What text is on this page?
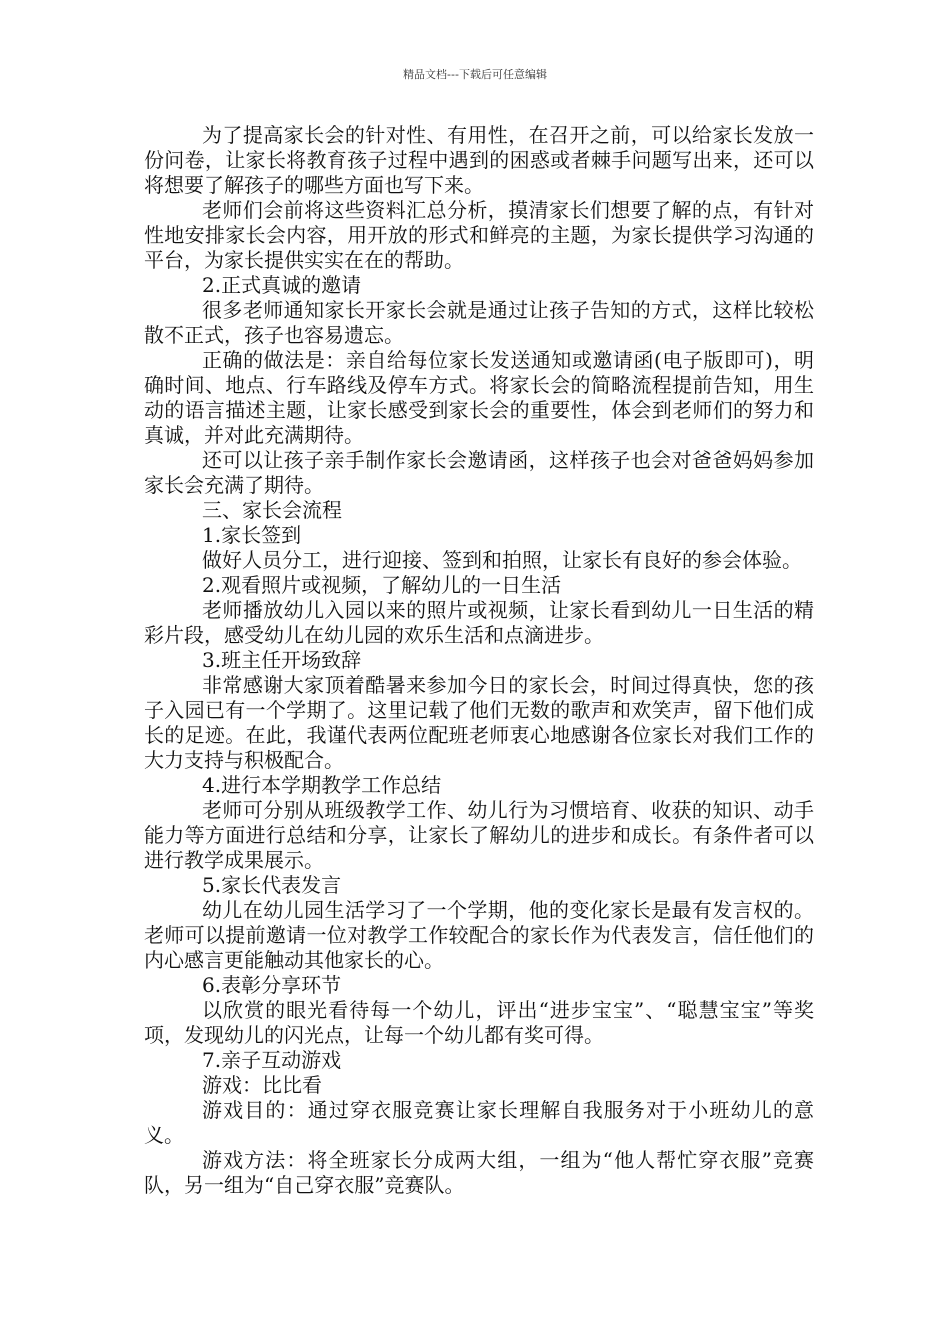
精品文档---下载后可任意编辑

为了提高家长会的针对性、有用性，在召开之前，可以给家长发放一份问卷，让家长将教育孩子过程中遇到的困惑或者棘手问题写出来，还可以将想要了解孩子的哪些方面也写下来。

老师们会前将这些资料汇总分析，摸清家长们想要了解的点，有针对性地安排家长会内容，用开放的形式和鲜亮的主题，为家长提供学习沟通的平台，为家长提供实实在在的帮助。

2.正式真诚的邀请

很多老师通知家长开家长会就是通过让孩子告知的方式，这样比较松散不正式，孩子也容易遗忘。

正确的做法是：亲自给每位家长发送通知或邀请函(电子版即可)，明确时间、地点、行车路线及停车方式。将家长会的简略流程提前告知，用生动的语言描述主题，让家长感受到家长会的重要性，体会到老师们的努力和真诚，并对此充满期待。

还可以让孩子亲手制作家长会邀请函，这样孩子也会对爸爸妈妈参加家长会充满了期待。

三、家长会流程

1.家长签到

做好人员分工，进行迎接、签到和拍照，让家长有良好的参会体验。

2.观看照片或视频，了解幼儿的一日生活

老师播放幼儿入园以来的照片或视频，让家长看到幼儿一日生活的精彩片段，感受幼儿在幼儿园的欢乐生活和点滴进步。

3.班主任开场致辞

非常感谢大家顶着酷暑来参加今日的家长会，时间过得真快，您的孩子入园已有一个学期了。这里记载了他们无数的歌声和欢笑声，留下他们成长的足迹。在此，我谨代表两位配班老师衷心地感谢各位家长对我们工作的大力支持与积极配合。

4.进行本学期教学工作总结

老师可分别从班级教学工作、幼儿行为习惯培育、收获的知识、动手能力等方面进行总结和分享，让家长了解幼儿的进步和成长。有条件者可以进行教学成果展示。

5.家长代表发言

幼儿在幼儿园生活学习了一个学期，他的变化家长是最有发言权的。老师可以提前邀请一位对教学工作较配合的家长作为代表发言，信任他们的内心感言更能触动其他家长的心。

6.表彰分享环节

以欣赏的眼光看待每一个幼儿，评出“进步宝宝”、“聪慧宝宝”等奖项，发现幼儿的闪光点，让每一个幼儿都有奖可得。

7.亲子互动游戏

游戏：比比看

游戏目的：通过穿衣服竞赛让家长理解自我服务对于小班幼儿的意义。

游戏方法：将全班家长分成两大组，一组为“他人帮忙穿衣服”竞赛队，另一组为“自己穿衣服”竞赛队。
